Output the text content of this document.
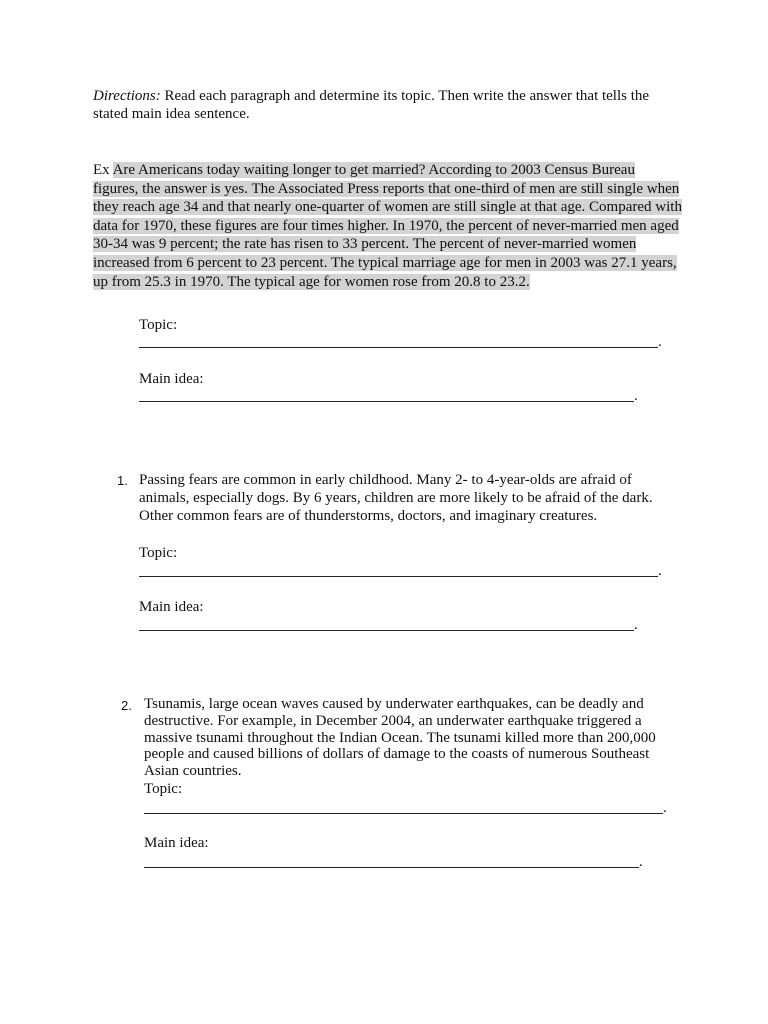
Directions: Read each paragraph and determine its topic. Then write the answer that tells the stated main idea sentence.
Ex Are Americans today waiting longer to get married? According to 2003 Census Bureau figures, the answer is yes. The Associated Press reports that one-third of men are still single when they reach age 34 and that nearly one-quarter of women are still single at that age. Compared with data for 1970, these figures are four times higher. In 1970, the percent of never-married men aged 30-34 was 9 percent; the rate has risen to 33 percent. The percent of never-married women increased from 6 percent to 23 percent. The typical marriage age for men in 2003 was 27.1 years, up from 25.3 in 1970. The typical age for women rose from 20.8 to 23.2.
Topic:
.
Main idea:
.
1. Passing fears are common in early childhood. Many 2- to 4-year-olds are afraid of animals, especially dogs. By 6 years, children are more likely to be afraid of the dark. Other common fears are of thunderstorms, doctors, and imaginary creatures.
Topic:
.
Main idea:
.
2. Tsunamis, large ocean waves caused by underwater earthquakes, can be deadly and destructive. For example, in December 2004, an underwater earthquake triggered a massive tsunami throughout the Indian Ocean. The tsunami killed more than 200,000 people and caused billions of dollars of damage to the coasts of numerous Southeast Asian countries.
Topic:
.
Main idea:
.
